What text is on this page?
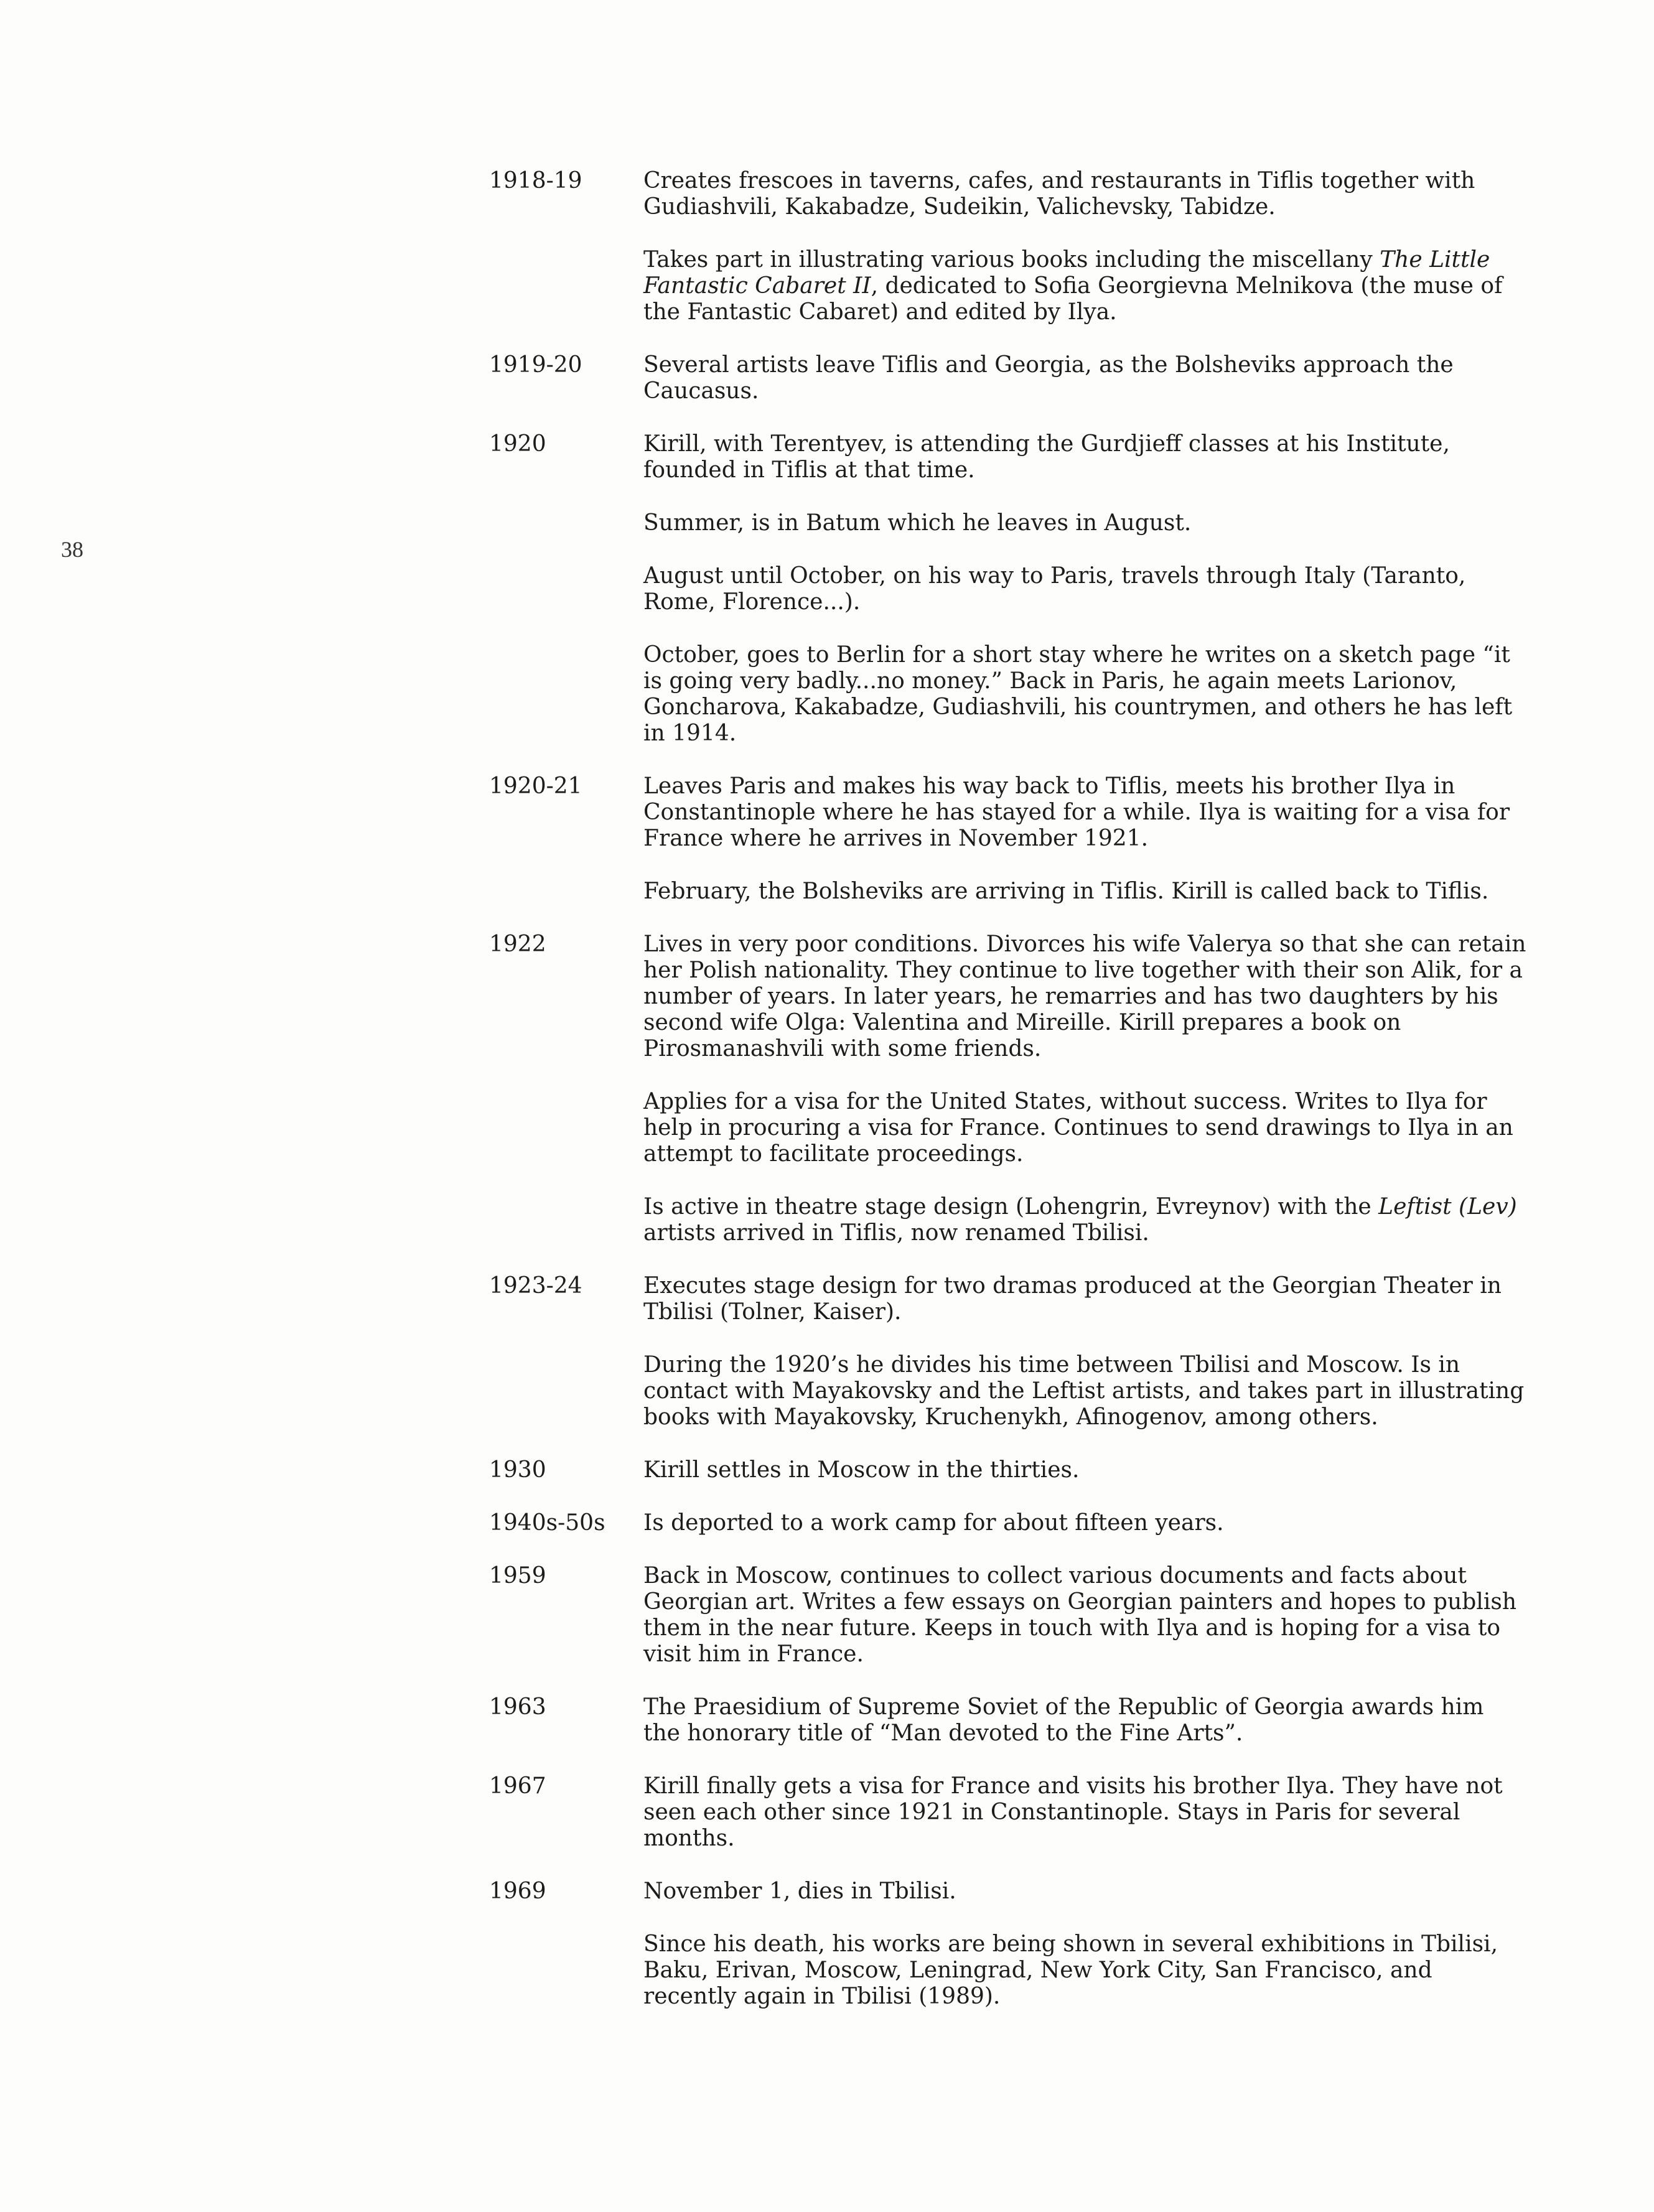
38
1918-19	Creates frescoes in taverns, cafes, and restaurants in Tiflis together with Gudiashvili, Kakabadze, Sudeikin, Valichevsky, Tabidze.

Takes part in illustrating various books including the miscellany The Little Fantastic Cabaret II, dedicated to Sofia Georgievna Melnikova (the muse of the Fantastic Cabaret) and edited by Ilya.

1919-20	Several artists leave Tiflis and Georgia, as the Bolsheviks approach the Caucasus.

1920	Kirill, with Terentyev, is attending the Gurdjieff classes at his Institute, founded in Tiflis at that time.

Summer, is in Batum which he leaves in August.

August until October, on his way to Paris, travels through Italy (Taranto, Rome, Florence...).

October, goes to Berlin for a short stay where he writes on a sketch page “it is going very badly...no money.” Back in Paris, he again meets Larionov, Goncharova, Kakabadze, Gudiashvili, his countrymen, and others he has left in 1914.

1920-21	Leaves Paris and makes his way back to Tiflis, meets his brother Ilya in Constantinople where he has stayed for a while. Ilya is waiting for a visa for France where he arrives in November 1921.

February, the Bolsheviks are arriving in Tiflis. Kirill is called back to Tiflis.

1922	Lives in very poor conditions. Divorces his wife Valerya so that she can retain her Polish nationality. They continue to live together with their son Alik, for a number of years. In later years, he remarries and has two daughters by his second wife Olga: Valentina and Mireille. Kirill prepares a book on Pirosmanashvili with some friends.

Applies for a visa for the United States, without success. Writes to Ilya for help in procuring a visa for France. Continues to send drawings to Ilya in an attempt to facilitate proceedings.

Is active in theatre stage design (Lohengrin, Evreynov) with the Leftist (Lev) artists arrived in Tiflis, now renamed Tbilisi.

1923-24	Executes stage design for two dramas produced at the Georgian Theater in Tbilisi (Tolner, Kaiser).

During the 1920’s he divides his time between Tbilisi and Moscow. Is in contact with Mayakovsky and the Leftist artists, and takes part in illustrating books with Mayakovsky, Kruchenykh, Afinogenov, among others.

1930	Kirill settles in Moscow in the thirties.

1940s-50s	Is deported to a work camp for about fifteen years.

1959	Back in Moscow, continues to collect various documents and facts about Georgian art. Writes a few essays on Georgian painters and hopes to publish them in the near future. Keeps in touch with Ilya and is hoping for a visa to visit him in France.

1963	The Praesidium of Supreme Soviet of the Republic of Georgia awards him the honorary title of “Man devoted to the Fine Arts”.

1967	Kirill finally gets a visa for France and visits his brother Ilya. They have not seen each other since 1921 in Constantinople. Stays in Paris for several months.

1969	November 1, dies in Tbilisi.

Since his death, his works are being shown in several exhibitions in Tbilisi, Baku, Erivan, Moscow, Leningrad, New York City, San Francisco, and recently again in Tbilisi (1989).
